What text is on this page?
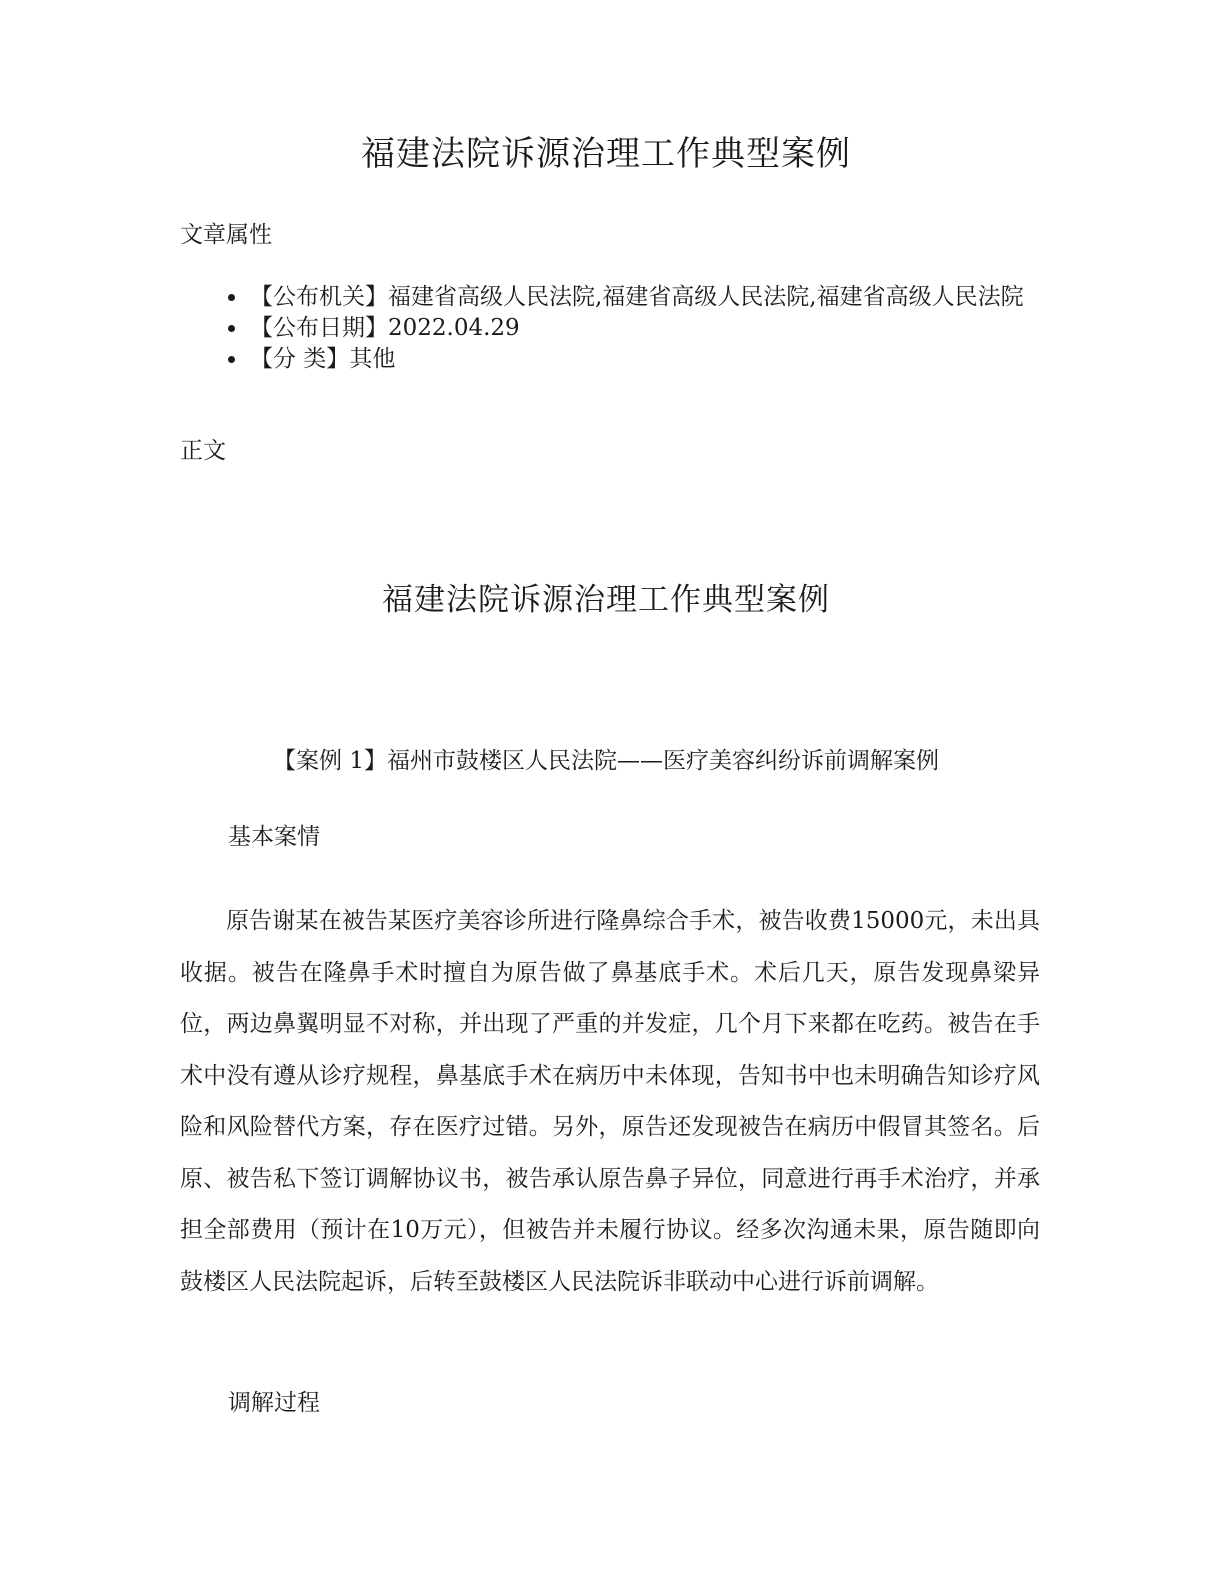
福建法院诉源治理工作典型案例

文章属性

【公布机关】福建省高级人民法院,福建省高级人民法院,福建省高级人民法院
【公布日期】2022.04.29
【分 类】其他

正文

福建法院诉源治理工作典型案例
【案例 1】福州市鼓楼区人民法院——医疗美容纠纷诉前调解案例
基本案情

原告谢某在被告某医疗美容诊所进行隆鼻综合手术，被告收费15000元，未出具收据。被告在隆鼻手术时擅自为原告做了鼻基底手术。术后几天，原告发现鼻梁异位，两边鼻翼明显不对称，并出现了严重的并发症，几个月下来都在吃药。被告在手术中没有遵从诊疗规程，鼻基底手术在病历中未体现，告知书中也未明确告知诊疗风险和风险替代方案，存在医疗过错。另外，原告还发现被告在病历中假冒其签名。后原、被告私下签订调解协议书，被告承认原告鼻子异位，同意进行再手术治疗，并承担全部费用（预计在10万元），但被告并未履行协议。经多次沟通未果，原告随即向鼓楼区人民法院起诉，后转至鼓楼区人民法院诉非联动中心进行诉前调解。

调解过程
